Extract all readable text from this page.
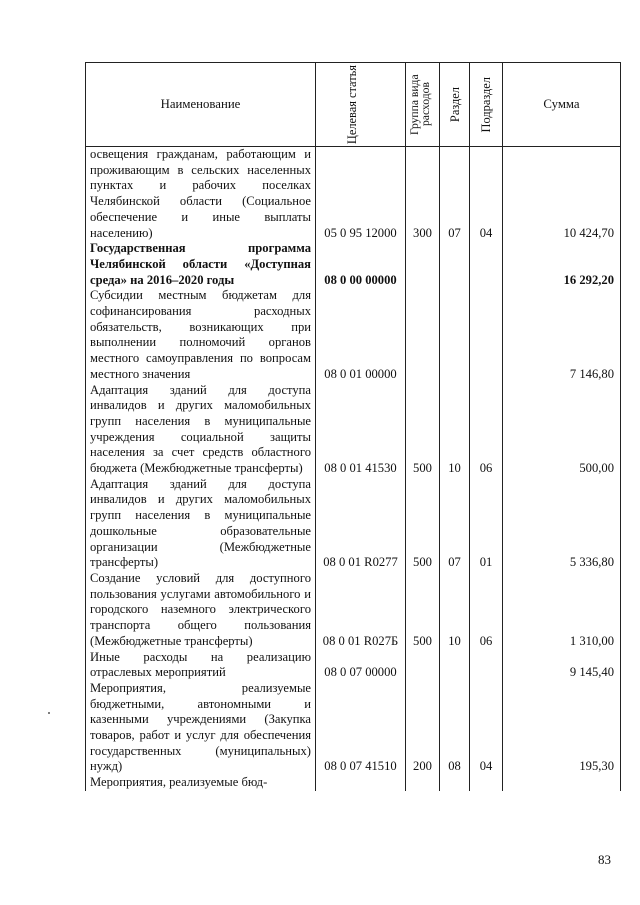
Наименование	Целевая статья	Группа вида расходов	Раздел	Подраздел	Сумма
освещения гражданам, работающим и проживающим в сельских населенных пунктах и рабочих поселках Челябинской области (Социальное обеспечение и иные выплаты населению)	05 0 95 12000	300	07	04	10 424,70
Государственная программа Челябинской области «Доступная среда» на 2016–2020 годы	08 0 00 00000				16 292,20
Субсидии местным бюджетам для софинансирования расходных обязательств, возникающих при выполнении полномочий органов местного самоуправления по вопросам местного значения	08 0 01 00000				7 146,80
Адаптация зданий для доступа инвалидов и других маломобильных групп населения в муниципальные учреждения социальной защиты населения за счет средств областного бюджета (Межбюджетные трансферты)	08 0 01 41530	500	10	06	500,00
Адаптация зданий для доступа инвалидов и других маломобильных групп населения в муниципальные дошкольные образовательные организации (Межбюджетные трансферты)	08 0 01 R0277	500	07	01	5 336,80
Создание условий для доступного пользования услугами автомобильного и городского наземного электрического транспорта общего пользования (Межбюджетные трансферты)	08 0 01 R027Б	500	10	06	1 310,00
Иные расходы на реализацию отраслевых мероприятий	08 0 07 00000				9 145,40
Мероприятия, реализуемые бюджетными, автономными и казенными учреждениями (Закупка товаров, работ и услуг для обеспечения государственных (муниципальных) нужд)	08 0 07 41510	200	08	04	195,30
Мероприятия, реализуемые бюд-					
83
